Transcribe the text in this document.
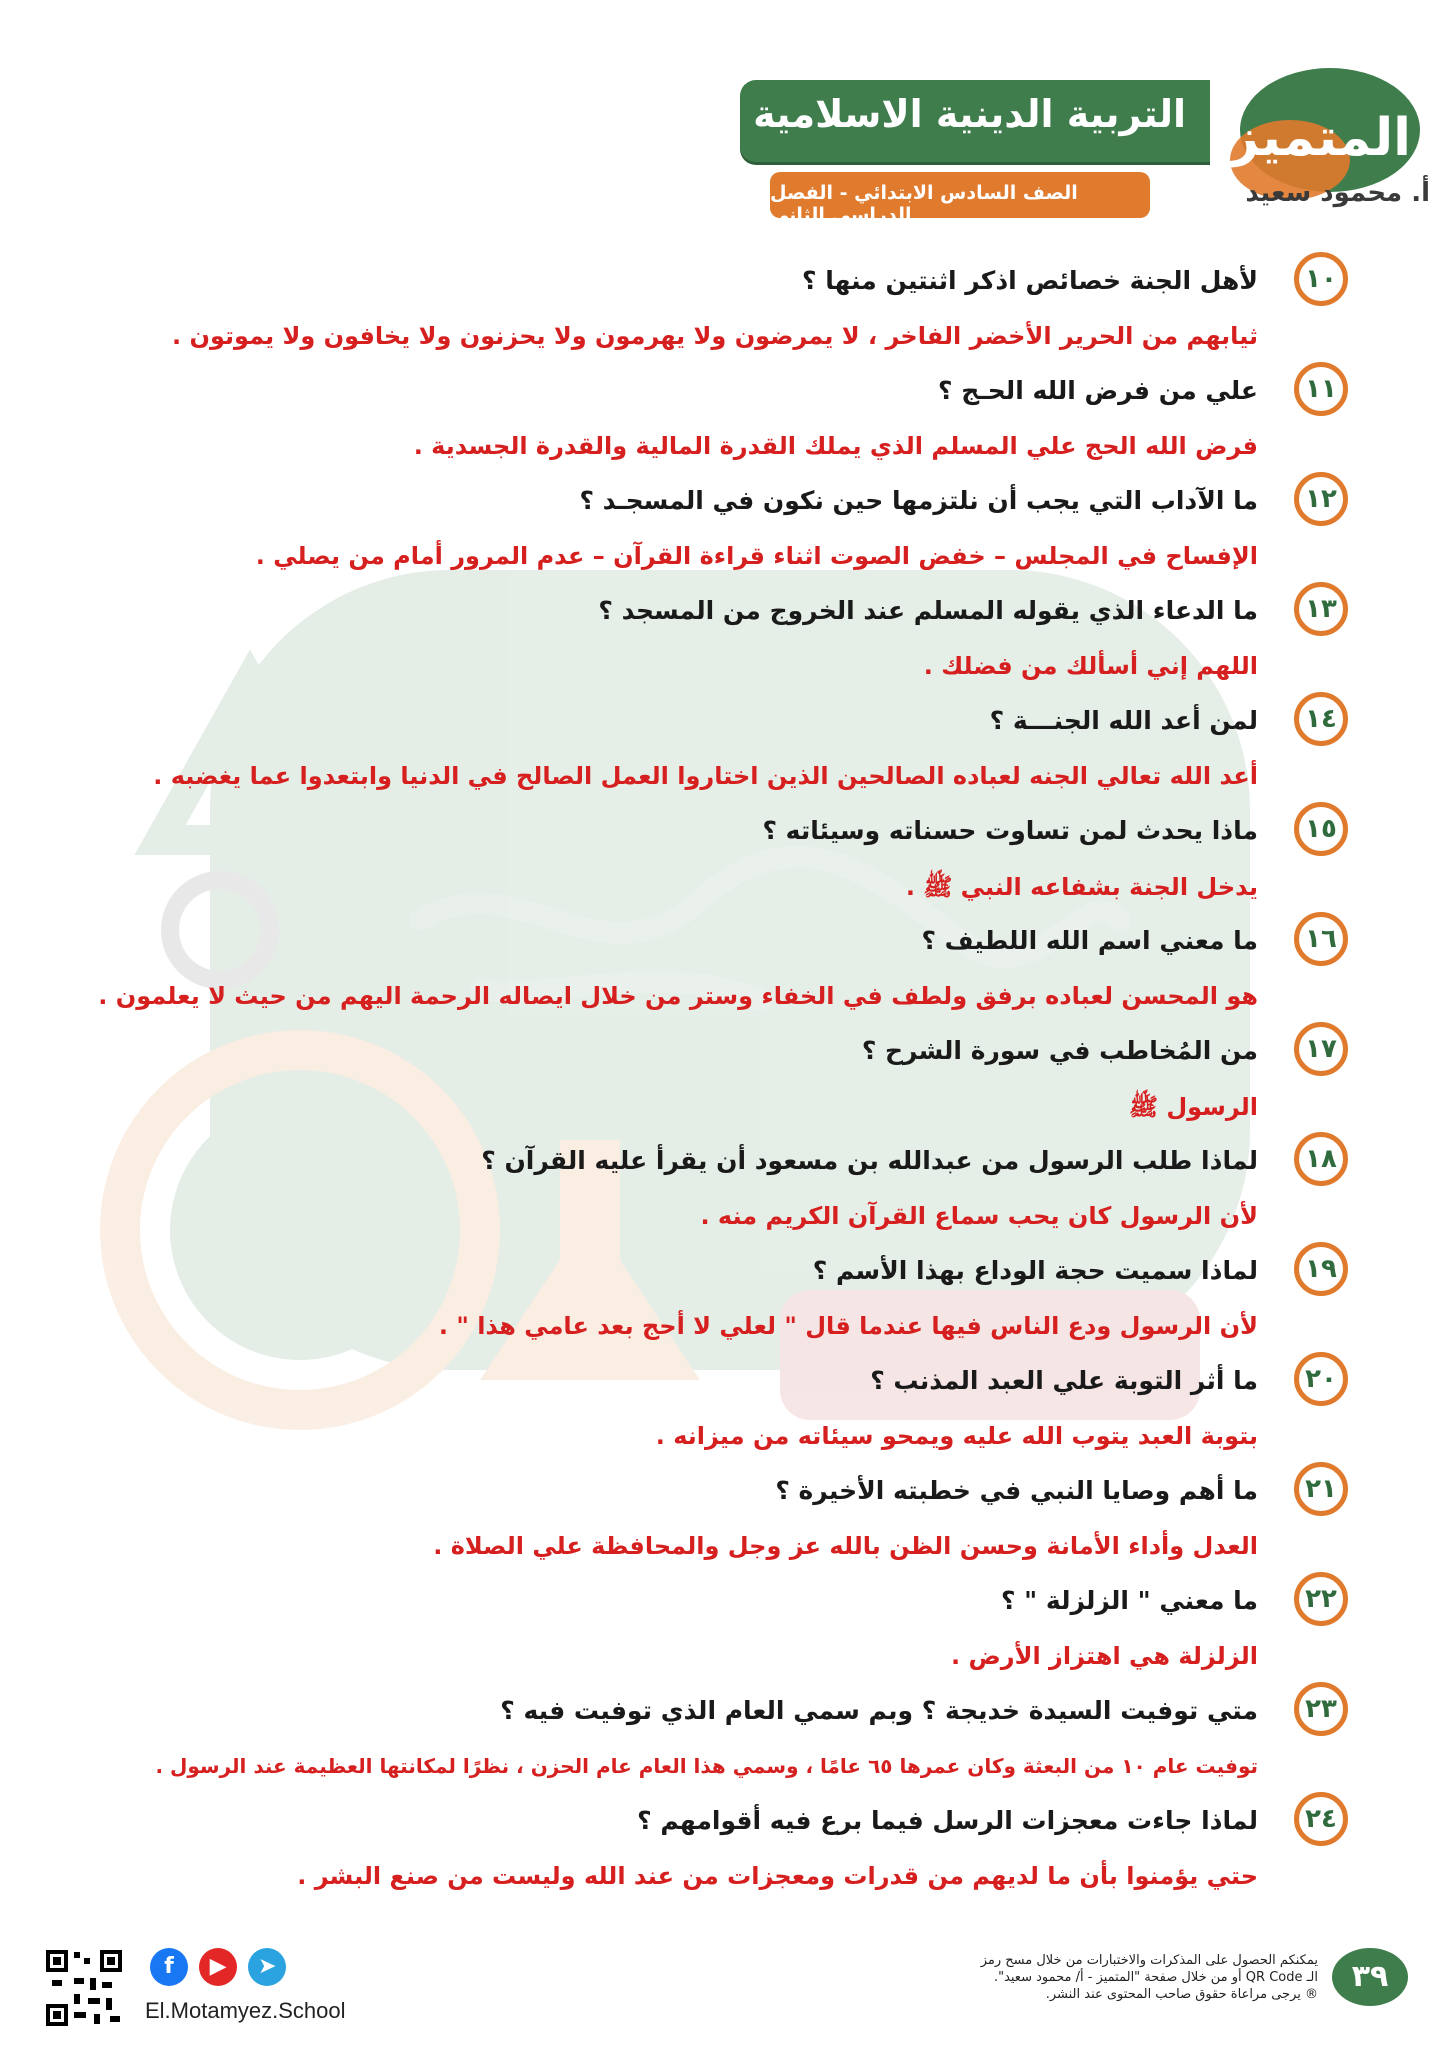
التربية الدينية الاسلامية
الصف السادس الابتدائي - الفصل الدراسي الثاني
المتميز
أ. محمود سعيد
١٠
لأهل الجنة خصائص اذكر اثنتين منها ؟
ثيابهم من الحرير الأخضر الفاخر ، لا يمرضون ولا يهرمون ولا يحزنون ولا يخافون ولا يموتون .
١١
علي من فرض الله الحـج ؟
فرض الله الحج علي المسلم الذي يملك القدرة المالية والقدرة الجسدية .
١٢
ما الآداب التي يجب أن نلتزمها حين نكون في المسجـد ؟
الإفساح في المجلس – خفض الصوت اثناء قراءة القرآن – عدم المرور أمام من يصلي .
١٣
ما الدعاء الذي يقوله المسلم عند الخروج من المسجد ؟
اللهم إني أسألك من فضلك .
١٤
لمن أعد الله الجنـــة ؟
أعد الله تعالي الجنه لعباده الصالحين الذين اختاروا العمل الصالح في الدنيا وابتعدوا عما يغضبه .
١٥
ماذا يحدث لمن تساوت حسناته وسيئاته ؟
يدخل الجنة بشفاعه النبي ﷺ .
١٦
ما معني اسم الله اللطيف ؟
هو المحسن لعباده برفق ولطف في الخفاء وستر من خلال ايصاله الرحمة اليهم من حيث لا يعلمون .
١٧
من المُخاطب في سورة الشرح ؟
الرسول ﷺ
١٨
لماذا طلب الرسول من عبدالله بن مسعود أن يقرأ عليه القرآن ؟
لأن الرسول كان يحب سماع القرآن الكريم منه .
١٩
لماذا سميت حجة الوداع بهذا الأسم ؟
لأن الرسول ودع الناس فيها عندما قال " لعلي لا أحج بعد عامي هذا " .
٢٠
ما أثر التوبة علي العبد المذنب ؟
بتوبة العبد يتوب الله عليه ويمحو سيئاته من ميزانه .
٢١
ما أهم وصايا النبي في خطبته الأخيرة ؟
العدل وأداء الأمانة وحسن الظن بالله عز وجل والمحافظة علي الصلاة .
٢٢
ما معني " الزلزلة " ؟
الزلزلة هي اهتزاز الأرض .
٢٣
متي توفيت السيدة خديجة ؟ وبم سمي العام الذي توفيت فيه ؟
توفيت عام ١٠ من البعثة وكان عمرها ٦٥ عامًا ، وسمي هذا العام عام الحزن ، نظرًا لمكانتها العظيمة عند الرسول .
٢٤
لماذا جاءت معجزات الرسل فيما برع فيه أقوامهم ؟
حتي يؤمنوا بأن ما لديهم من قدرات ومعجزات من عند الله وليست من صنع البشر .
f ▶ ➤
El.Motamyez.School
يمكنكم الحصول على المذكرات والاختبارات من خلال مسح رمز
الـ QR Code أو من خلال صفحة "المتميز - أ/ محمود سعيد".
® يرجى مراعاة حقوق صاحب المحتوى عند النشر.
٣٩
